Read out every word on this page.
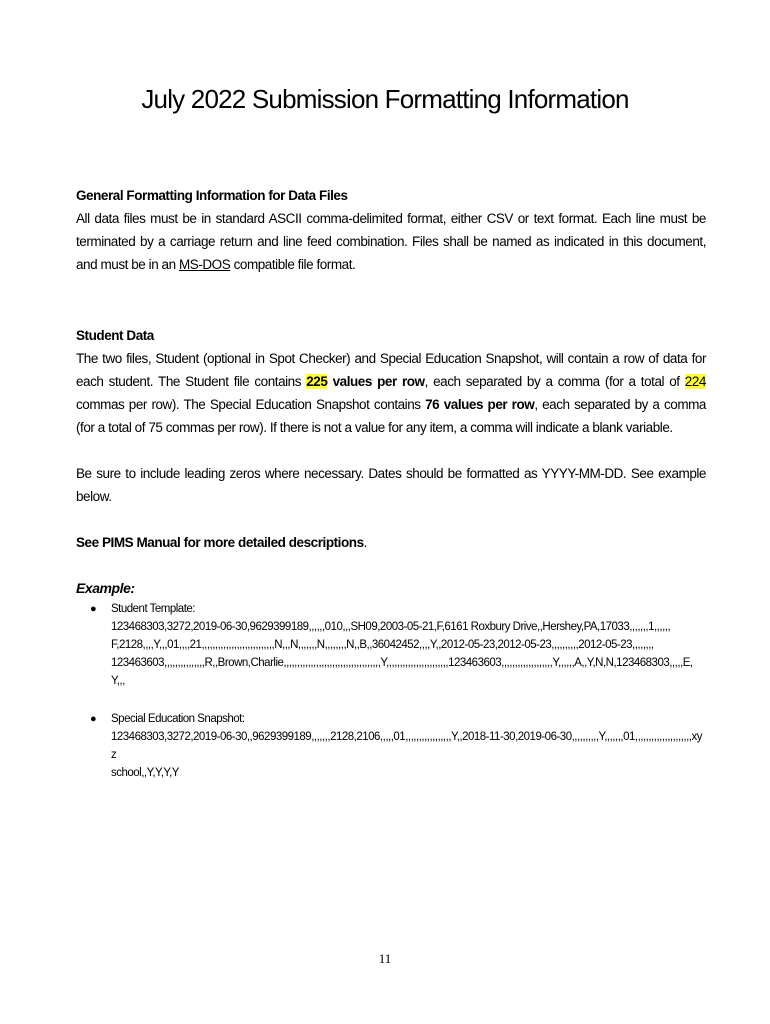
July 2022 Submission Formatting Information

General Formatting Information for Data Files

All data files must be in standard ASCII comma-delimited format, either CSV or text format. Each line must be terminated by a carriage return and line feed combination. Files shall be named as indicated in this document, and must be in an MS-DOS compatible file format.

Student Data

The two files, Student (optional in Spot Checker) and Special Education Snapshot, will contain a row of data for each student. The Student file contains 225 values per row, each separated by a comma (for a total of 224 commas per row). The Special Education Snapshot contains 76 values per row, each separated by a comma (for a total of 75 commas per row). If there is not a value for any item, a comma will indicate a blank variable.

Be sure to include leading zeros where necessary. Dates should be formatted as YYYY-MM-DD. See example below.

See PIMS Manual for more detailed descriptions.

Example:

● Student Template:
123468303,3272,2019-06-30,9629399189,,,,,,010,,,SH09,2003-05-21,F,6161 Roxbury Drive,,Hershey,PA,17033,,,,,,,1,,,,,,
F,2128,,,,Y,,,01,,,,21,,,,,,,,,,,,,,,,,,,,,,,,,,,N,,,N,,,,,,,N,,,,,,,,N,,B,,36042452,,,,Y,,2012-05-23,2012-05-23,,,,,,,,,,2012-05-23,,,,,,,,
123463603,,,,,,,,,,,,,,,R,,Brown,Charlie,,,,,,,,,,,,,,,,,,,,,,,,,,,,,,,,,,,,Y,,,,,,,,,,,,,,,,,,,,,,,123463603,,,,,,,,,,,,,,,,,,,Y,,,,,,A,,Y,N,N,123468303,,,,,E,Y,,,
● Special Education Snapshot:
123468303,3272,2019-06-30,,9629399189,,,,,,,2128,2106,,,,,01,,,,,,,,,,,,,,,,,Y,,2018-11-30,2019-06-30,,,,,,,,,,Y,,,,,,,01,,,,,,,,,,,,,,,,,,,,,xyz
school,,Y,Y,Y,Y
11
